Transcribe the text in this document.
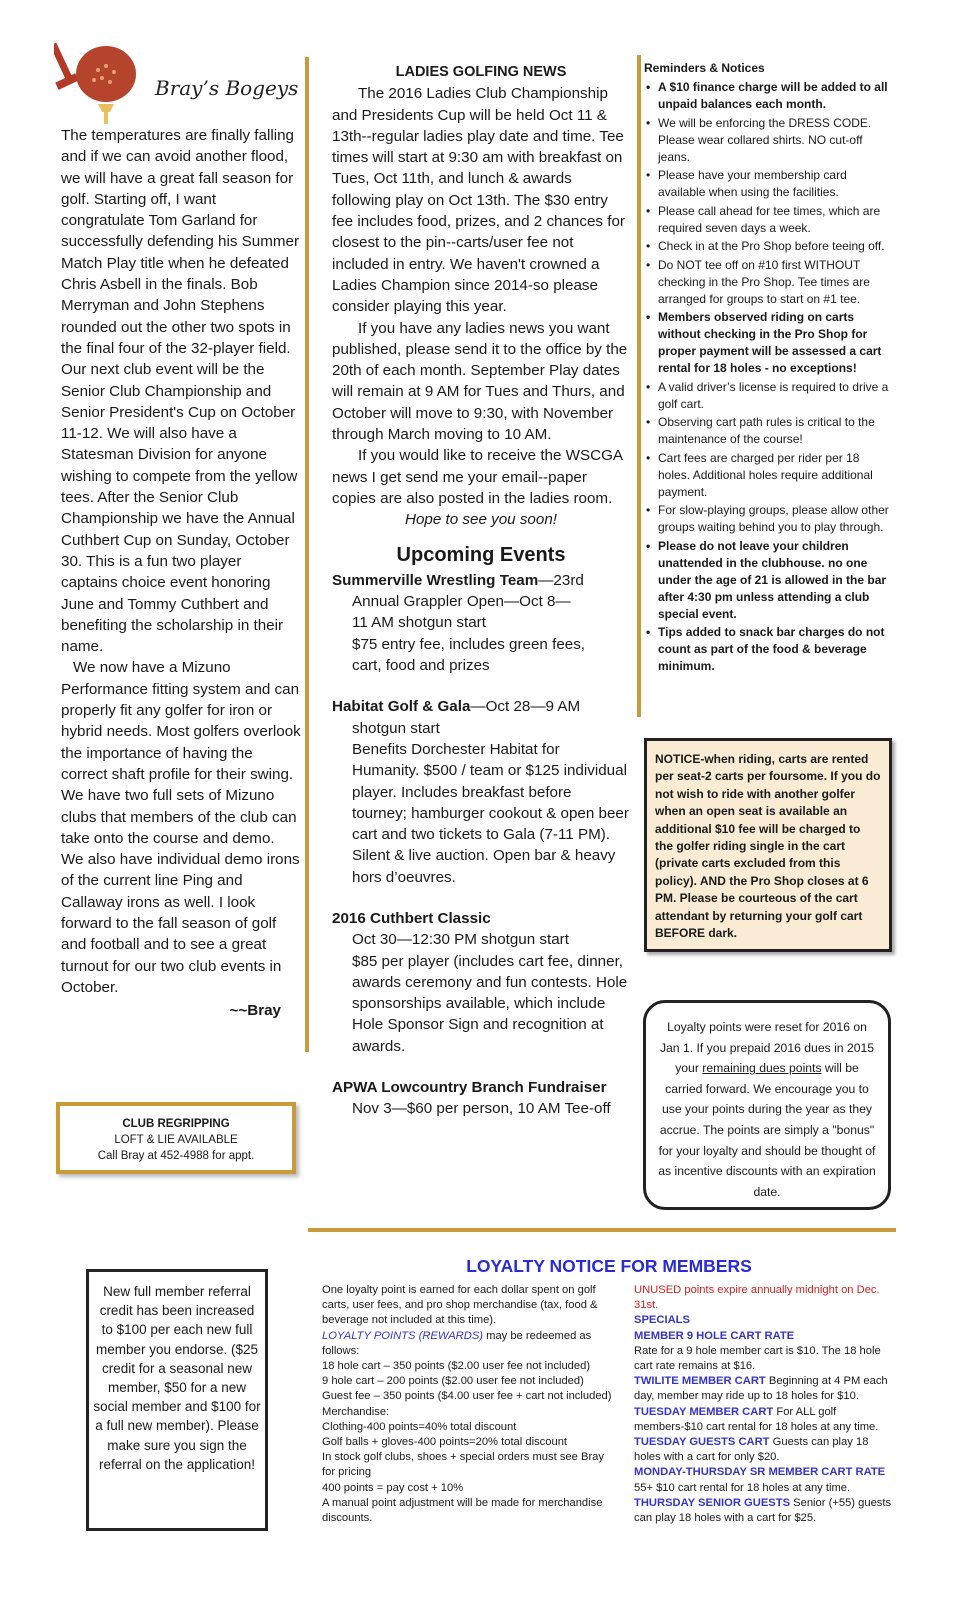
Bray’s Bogeys

The temperatures are finally falling and if we can avoid another flood, we will have a great fall season for golf. Starting off, I want congratulate Tom Garland for successfully defending his Summer Match Play title when he defeated Chris Asbell in the finals. Bob Merryman and John Stephens rounded out the other two spots in the final four of the 32-player field. Our next club event will be the Senior Club Championship and Senior President's Cup on October 11-12. We will also have a Statesman Division for anyone wishing to compete from the yellow tees. After the Senior Club Championship we have the Annual Cuthbert Cup on Sunday, October 30. This is a fun two player captains choice event honoring June and Tommy Cuthbert and benefiting the scholarship in their name.

We now have a Mizuno Performance fitting system and can properly fit any golfer for iron or hybrid needs. Most golfers overlook the importance of having the correct shaft profile for their swing. We have two full sets of Mizuno clubs that members of the club can take onto the course and demo. We also have individual demo irons of the current line Ping and Callaway irons as well. I look forward to the fall season of golf and football and to see a great turnout for our two club events in October.

~~Bray

CLUB REGRIPPING
LOFT & LIE AVAILABLE
Call Bray at 452-4988 for appt.
LADIES GOLFING NEWS

The 2016 Ladies Club Championship and Presidents Cup will be held Oct 11 & 13th--regular ladies play date and time. Tee times will start at 9:30 am with breakfast on Tues, Oct 11th, and lunch & awards following play on Oct 13th. The $30 entry fee includes food, prizes, and 2 chances for closest to the pin--carts/user fee not included in entry. We haven't crowned a Ladies Champion since 2014-so please consider playing this year.

If you have any ladies news you want published, please send it to the office by the 20th of each month. September Play dates will remain at 9 AM for Tues and Thurs, and October will move to 9:30, with November through March moving to 10 AM.

If you would like to receive the WSCGA news I get send me your email--paper copies are also posted in the ladies room.

Hope to see you soon!

Upcoming Events
Summerville Wrestling Team—23rd
Annual Grappler Open—Oct 8—
11 AM shotgun start
$75 entry fee, includes green fees,
cart, food and prizes
Habitat Golf & Gala—Oct 28—9 AM
shotgun start
Benefits Dorchester Habitat for Humanity. $500 / team or $125 individual player. Includes breakfast before tourney; hamburger cookout & open beer cart and two tickets to Gala (7-11 PM). Silent & live auction. Open bar & heavy hors d’oeuvres.
2016 Cuthbert Classic
Oct 30—12:30 PM shotgun start
$85 per player (includes cart fee, dinner, awards ceremony and fun contests. Hole sponsorships available, which include Hole Sponsor Sign and recognition at awards.
APWA Lowcountry Branch Fundraiser
Nov 3—$60 per person, 10 AM Tee-off
Reminders & Notices
• A $10 finance charge will be added to all unpaid balances each month.
• We will be enforcing the DRESS CODE. Please wear collared shirts. NO cut-off jeans.
• Please have your membership card available when using the facilities.
• Please call ahead for tee times, which are required seven days a week.
• Check in at the Pro Shop before teeing off.
• Do NOT tee off on #10 first WITHOUT checking in the Pro Shop. Tee times are arranged for groups to start on #1 tee.
• Members observed riding on carts without checking in the Pro Shop for proper payment will be assessed a cart rental for 18 holes - no exceptions!
• A valid driver’s license is required to drive a golf cart.
• Observing cart path rules is critical to the maintenance of the course!
• Cart fees are charged per rider per 18 holes. Additional holes require additional payment.
• For slow-playing groups, please allow other groups waiting behind you to play through.
• Please do not leave your children unattended in the clubhouse. no one under the age of 21 is allowed in the bar after 4:30 pm unless attending a club special event.
• Tips added to snack bar charges do not count as part of the food & beverage minimum.
NOTICE-when riding, carts are rented per seat-2 carts per foursome. If you do not wish to ride with another golfer when an open seat is available an additional $10 fee will be charged to the golfer riding single in the cart (private carts excluded from this policy). AND the Pro Shop closes at 6 PM. Please be courteous of the cart attendant by returning your golf cart BEFORE dark.
Loyalty points were reset for 2016 on Jan 1. If you prepaid 2016 dues in 2015 your remaining dues points will be carried forward. We encourage you to use your points during the year as they accrue. The points are simply a "bonus" for your loyalty and should be thought of as incentive discounts with an expiration date.
New full member referral credit has been increased to $100 per each new full member you endorse. ($25 credit for a seasonal new member, $50 for a new social member and $100 for a full new member). Please make sure you sign the referral on the application!
LOYALTY NOTICE FOR MEMBERS
One loyalty point is earned for each dollar spent on golf carts, user fees, and pro shop merchandise (tax, food & beverage not included at this time).
LOYALTY POINTS (REWARDS) may be redeemed as follows:
18 hole cart – 350 points ($2.00 user fee not included)
9 hole cart – 200 points ($2.00 user fee not included)
Guest fee – 350 points ($4.00 user fee + cart not included)
Merchandise:
Clothing-400 points=40% total discount
Golf balls + gloves-400 points=20% total discount
In stock golf clubs, shoes + special orders must see Bray for pricing
400 points = pay cost + 10%
A manual point adjustment will be made for merchandise discounts.
UNUSED points expire annually midnight on Dec. 31st.
SPECIALS
MEMBER 9 HOLE CART RATE
Rate for a 9 hole member cart is $10. The 18 hole cart rate remains at $16.
TWILITE MEMBER CART Beginning at 4 PM each day, member may ride up to 18 holes for $10.
TUESDAY MEMBER CART For ALL golf members-$10 cart rental for 18 holes at any time.
TUESDAY GUESTS CART Guests can play 18 holes with a cart for only $20.
MONDAY-THURSDAY SR MEMBER CART RATE 55+ $10 cart rental for 18 holes at any time.
THURSDAY SENIOR GUESTS Senior (+55) guests can play 18 holes with a cart for $25.
